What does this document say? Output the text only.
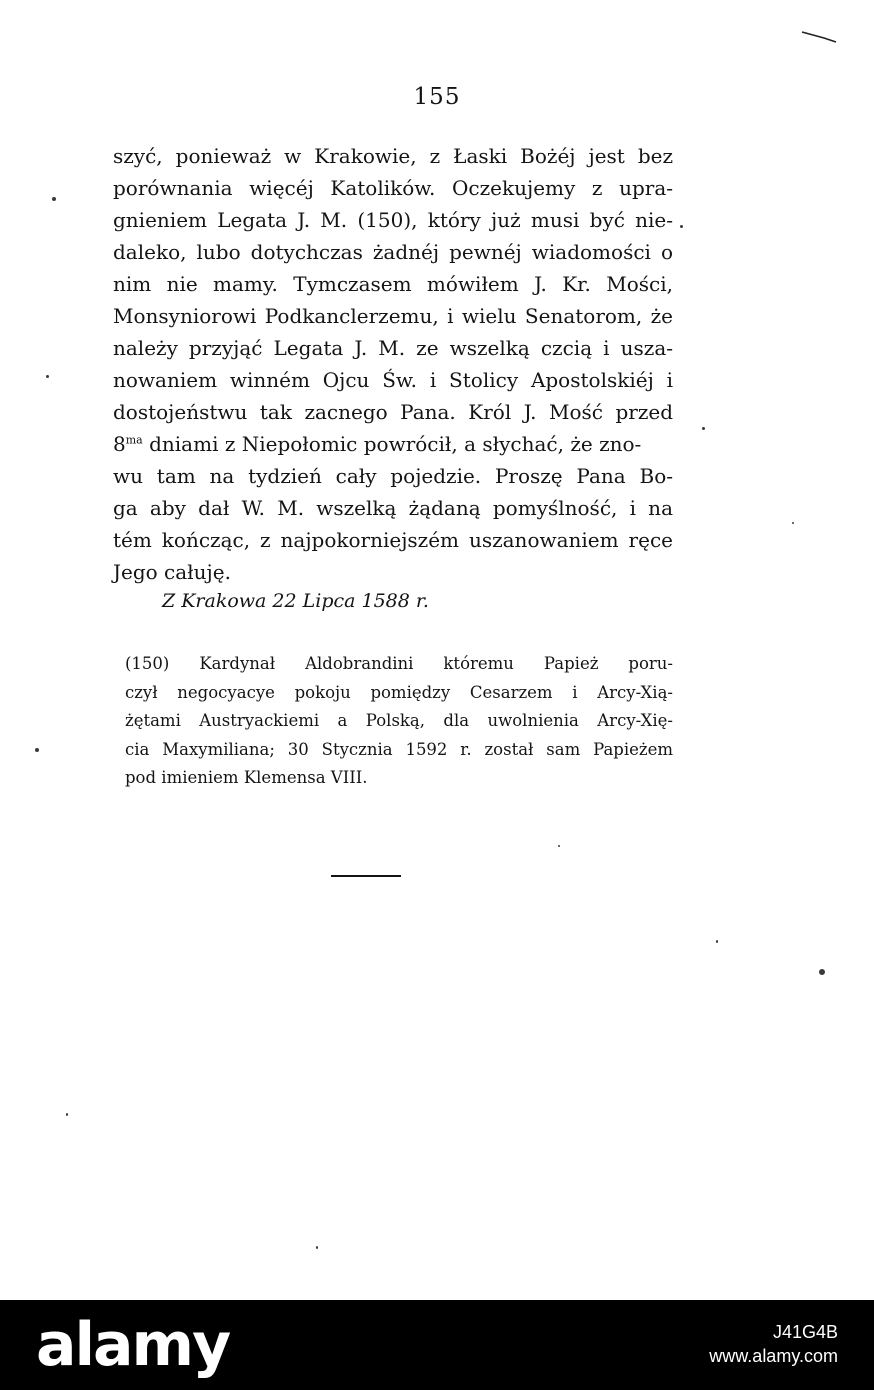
155
szyć, ponieważ w Krakowie, z Łaski Bożéj jest bez
porównania więcéj Katolików. Oczekujemy z upra-
gnieniem Legata J. M. (150), który już musi być nie-
daleko, lubo dotychczas żadnéj pewnéj wiadomości o
nim nie mamy. Tymczasem mówiłem J. Kr. Mości,
Monsyniorowi Podkanclerzemu, i wielu Senatorom, że
należy przyjąć Legata J. M. ze wszelką czcią i usza-
nowaniem winném Ojcu Św. i Stolicy Apostolskiéj i
dostojeństwu tak zacnego Pana. Król J. Mość przed
$8^{ma}$ dniami z Niepołomic powrócił, a słychać, że zno-
wu tam na tydzień cały pojedzie. Proszę Pana Bo-
ga aby dał W. M. wszelką żądaną pomyślność, i na
tém kończąc, z najpokorniejszém uszanowaniem ręce
Jego całuję.
Z Krakowa 22 Lipca 1588 r.
(150) Kardynał Aldobrandini któremu Papież poru-
czył negocyacye pokoju pomiędzy Cesarzem i Arcy-Xią-
żętami Austryackiemi a Polską, dla uwolnienia Arcy-Xię-
cia Maxymiliana; 30 Stycznia 1592 r. został sam Papieżem
pod imieniem Klemensa VIII.
alamy	J41G4B
www.alamy.com
